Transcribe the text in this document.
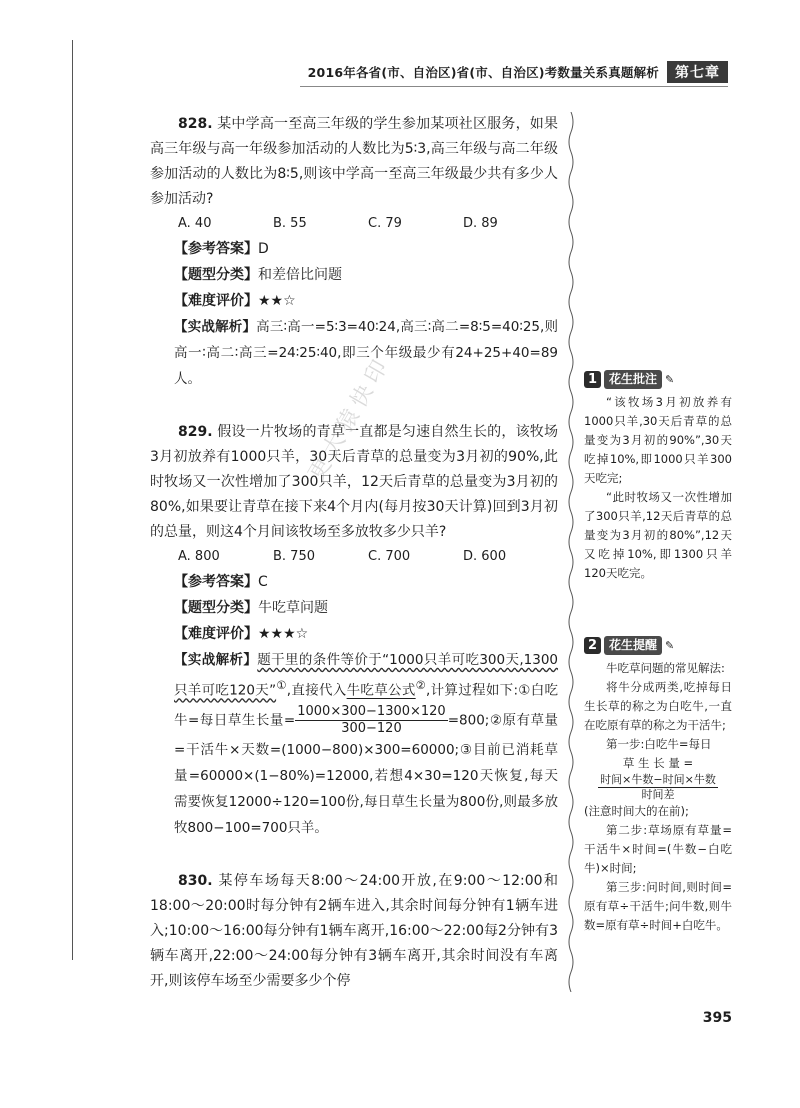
2016年各省(市、自治区)省(市、自治区)考数量关系真题解析	第七章

828. 某中学高一至高三年级的学生参加某项社区服务，如果高三年级与高一年级参加活动的人数比为5∶3,高三年级与高二年级参加活动的人数比为8∶5,则该中学高一至高三年级最少共有多少人参加活动?

A. 40	B. 55	C. 79	D. 89
【参考答案】D
【题型分类】和差倍比问题
【难度评价】★★☆

【实战解析】高三∶高一=5∶3=40∶24,高三∶高二=8∶5=40∶25,则高一∶高二∶高三=24∶25∶40,即三个年级最少有24+25+40=89人。

829. 假设一片牧场的青草一直都是匀速自然生长的，该牧场3月初放养有1000只羊，30天后青草的总量变为3月初的90%,此时牧场又一次性增加了300只羊，12天后青草的总量变为3月初的80%,如果要让青草在接下来4个月内(每月按30天计算)回到3月初的总量，则这4个月间该牧场至多放牧多少只羊?

A. 800	B. 750	C. 700	D. 600
【参考答案】C
【题型分类】牛吃草问题
【难度评价】★★★☆

【实战解析】题干里的条件等价于“1000只羊可吃300天,1300只羊可吃120天”①,直接代入牛吃草公式②,计算过程如下:①白吃牛=每日草生长量= $\frac{1000\times 300-1300\times 120}{300-120}$ =800;②原有草量=干活牛×天数=(1000−800)×300=60000;③目前已消耗草量=60000×(1−80%)=12000,若想4×30=120天恢复,每天需要恢复12000÷120=100份,每日草生长量为800份,则最多放牧800−100=700只羊。

830. 某停车场每天8:00～24:00开放,在9:00～12:00和18:00～20:00时每分钟有2辆车进入,其余时间每分钟有1辆车进入;10:00～16:00每分钟有1辆车离开,16:00～22:00每2分钟有3辆车离开,22:00～24:00每分钟有3辆车离开,其余时间没有车离开,则该停车场至少需要多少个停

1 花生批注 ✎

“该牧场3月初放养有1000只羊,30天后青草的总量变为3月初的90%”,30天吃掉10%,即1000只羊300天吃完;

“此时牧场又一次性增加了300只羊,12天后青草的总量变为3月初的80%”,12天又吃掉10%,即1300只羊120天吃完。

2 花生提醒 ✎

牛吃草问题的常见解法:

将牛分成两类,吃掉每日生长草的称之为白吃牛,一直在吃原有草的称之为干活牛;

第一步:白吃牛=每日

草 生 长 量 =

$\frac{\text{时间×牛数−时间×牛数}}{\text{时间差}}$

(注意时间大的在前);

第二步:草场原有草量=干活牛×时间=(牛数−白吃牛)×时间;

第三步:问时间,则时间=原有草÷干活牛;问牛数,则牛数=原有草÷时间+白吃牛。

更大猿快印
395
